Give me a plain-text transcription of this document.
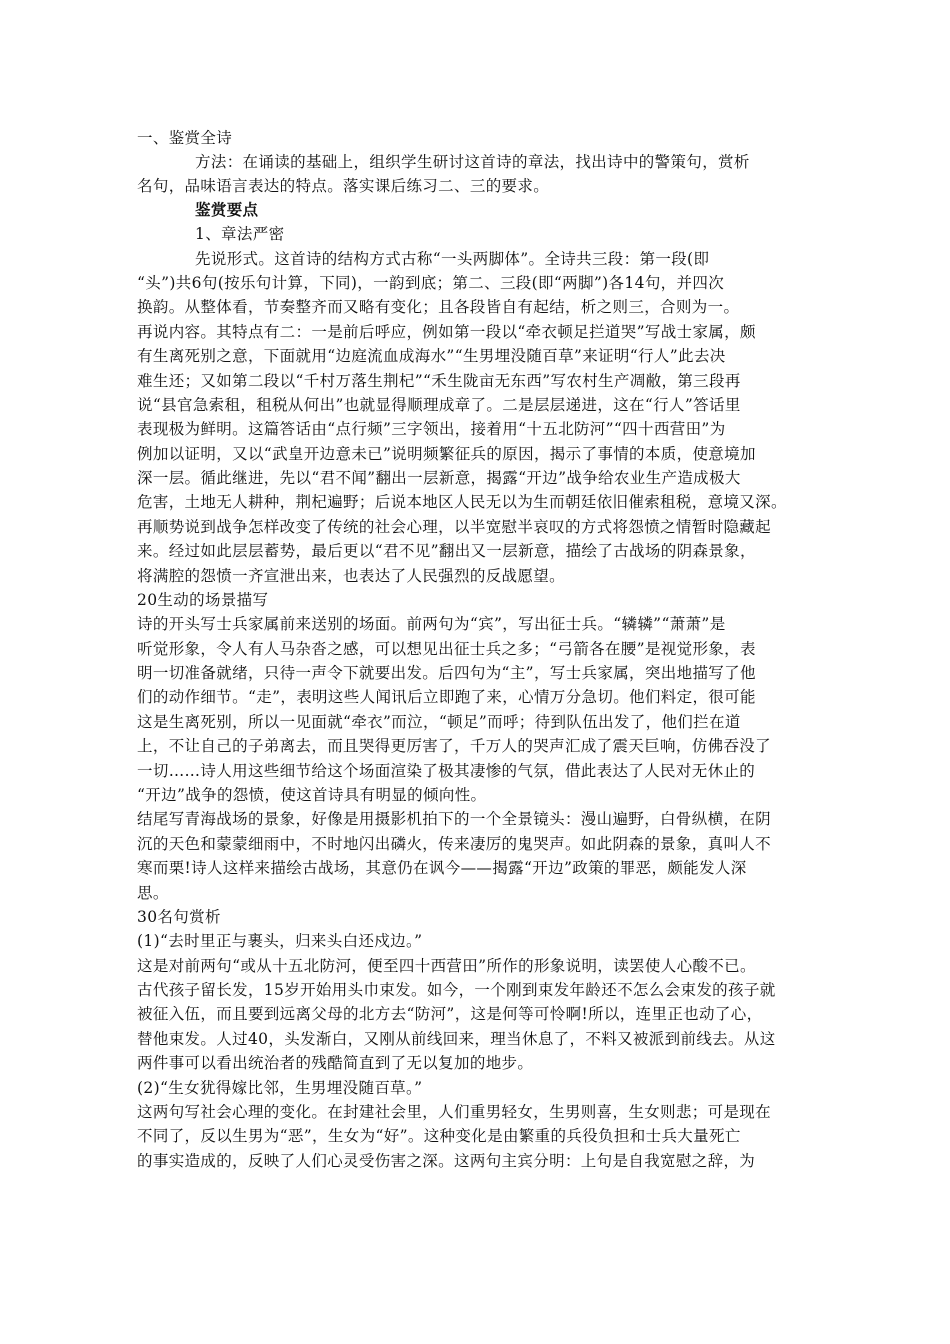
一、鉴赏全诗
方法：在诵读的基础上，组织学生研讨这首诗的章法，找出诗中的警策句，赏析
名句，品味语言表达的特点。落实课后练习二、三的要求。
鉴赏要点
1、章法严密
先说形式。这首诗的结构方式古称“一头两脚体”。全诗共三段：第一段(即
“头”)共6句(按乐句计算，下同)，一韵到底；第二、三段(即“两脚”)各14句，并四次
换韵。从整体看，节奏整齐而又略有变化；且各段皆自有起结，析之则三，合则为一。
再说内容。其特点有二：一是前后呼应，例如第一段以“牵衣顿足拦道哭”写战士家属，颇
有生离死别之意，下面就用“边庭流血成海水”“生男埋没随百草”来证明“行人”此去决
难生还；又如第二段以“千村万落生荆杞”“禾生陇亩无东西”写农村生产凋敝，第三段再
说“县官急索租，租税从何出”也就显得顺理成章了。二是层层递进，这在“行人”答话里
表现极为鲜明。这篇答话由“点行频”三字领出，接着用“十五北防河”“四十西营田”为
例加以证明，又以“武皇开边意未已”说明频繁征兵的原因，揭示了事情的本质，使意境加
深一层。循此继进，先以“君不闻”翻出一层新意，揭露“开边”战争给农业生产造成极大
危害，土地无人耕种，荆杞遍野；后说本地区人民无以为生而朝廷依旧催索租税，意境又深。
再顺势说到战争怎样改变了传统的社会心理，以半宽慰半哀叹的方式将怨愤之情暂时隐藏起
来。经过如此层层蓄势，最后更以“君不见”翻出又一层新意，描绘了古战场的阴森景象，
将满腔的怨愤一齐宣泄出来，也表达了人民强烈的反战愿望。
20生动的场景描写
诗的开头写士兵家属前来送别的场面。前两句为“宾”，写出征士兵。“辚辚”“萧萧”是
听觉形象，令人有人马杂沓之感，可以想见出征士兵之多；“弓箭各在腰”是视觉形象，表
明一切准备就绪，只待一声令下就要出发。后四句为“主”，写士兵家属，突出地描写了他
们的动作细节。“走”，表明这些人闻讯后立即跑了来，心情万分急切。他们料定，很可能
这是生离死别，所以一见面就“牵衣”而泣，“顿足”而呼；待到队伍出发了，他们拦在道
上，不让自己的子弟离去，而且哭得更厉害了，千万人的哭声汇成了震天巨响，仿佛吞没了
一切……诗人用这些细节给这个场面渲染了极其凄惨的气氛，借此表达了人民对无休止的
“开边”战争的怨愤，使这首诗具有明显的倾向性。
结尾写青海战场的景象，好像是用摄影机拍下的一个全景镜头：漫山遍野，白骨纵横，在阴
沉的天色和蒙蒙细雨中，不时地闪出磷火，传来凄厉的鬼哭声。如此阴森的景象，真叫人不
寒而栗!诗人这样来描绘古战场，其意仍在讽今——揭露“开边”政策的罪恶，颇能发人深
思。
30名句赏析
(1)“去时里正与裹头，归来头白还戍边。”
这是对前两句“或从十五北防河，便至四十西营田”所作的形象说明，读罢使人心酸不已。
古代孩子留长发，15岁开始用头巾束发。如今，一个刚到束发年龄还不怎么会束发的孩子就
被征入伍，而且要到远离父母的北方去“防河”，这是何等可怜啊!所以，连里正也动了心，
替他束发。人过40，头发渐白，又刚从前线回来，理当休息了，不料又被派到前线去。从这
两件事可以看出统治者的残酷简直到了无以复加的地步。
(2)“生女犹得嫁比邻，生男埋没随百草。”
这两句写社会心理的变化。在封建社会里，人们重男轻女，生男则喜，生女则悲；可是现在
不同了，反以生男为“恶”，生女为“好”。这种变化是由繁重的兵役负担和士兵大量死亡
的事实造成的，反映了人们心灵受伤害之深。这两句主宾分明：上句是自我宽慰之辞，为
